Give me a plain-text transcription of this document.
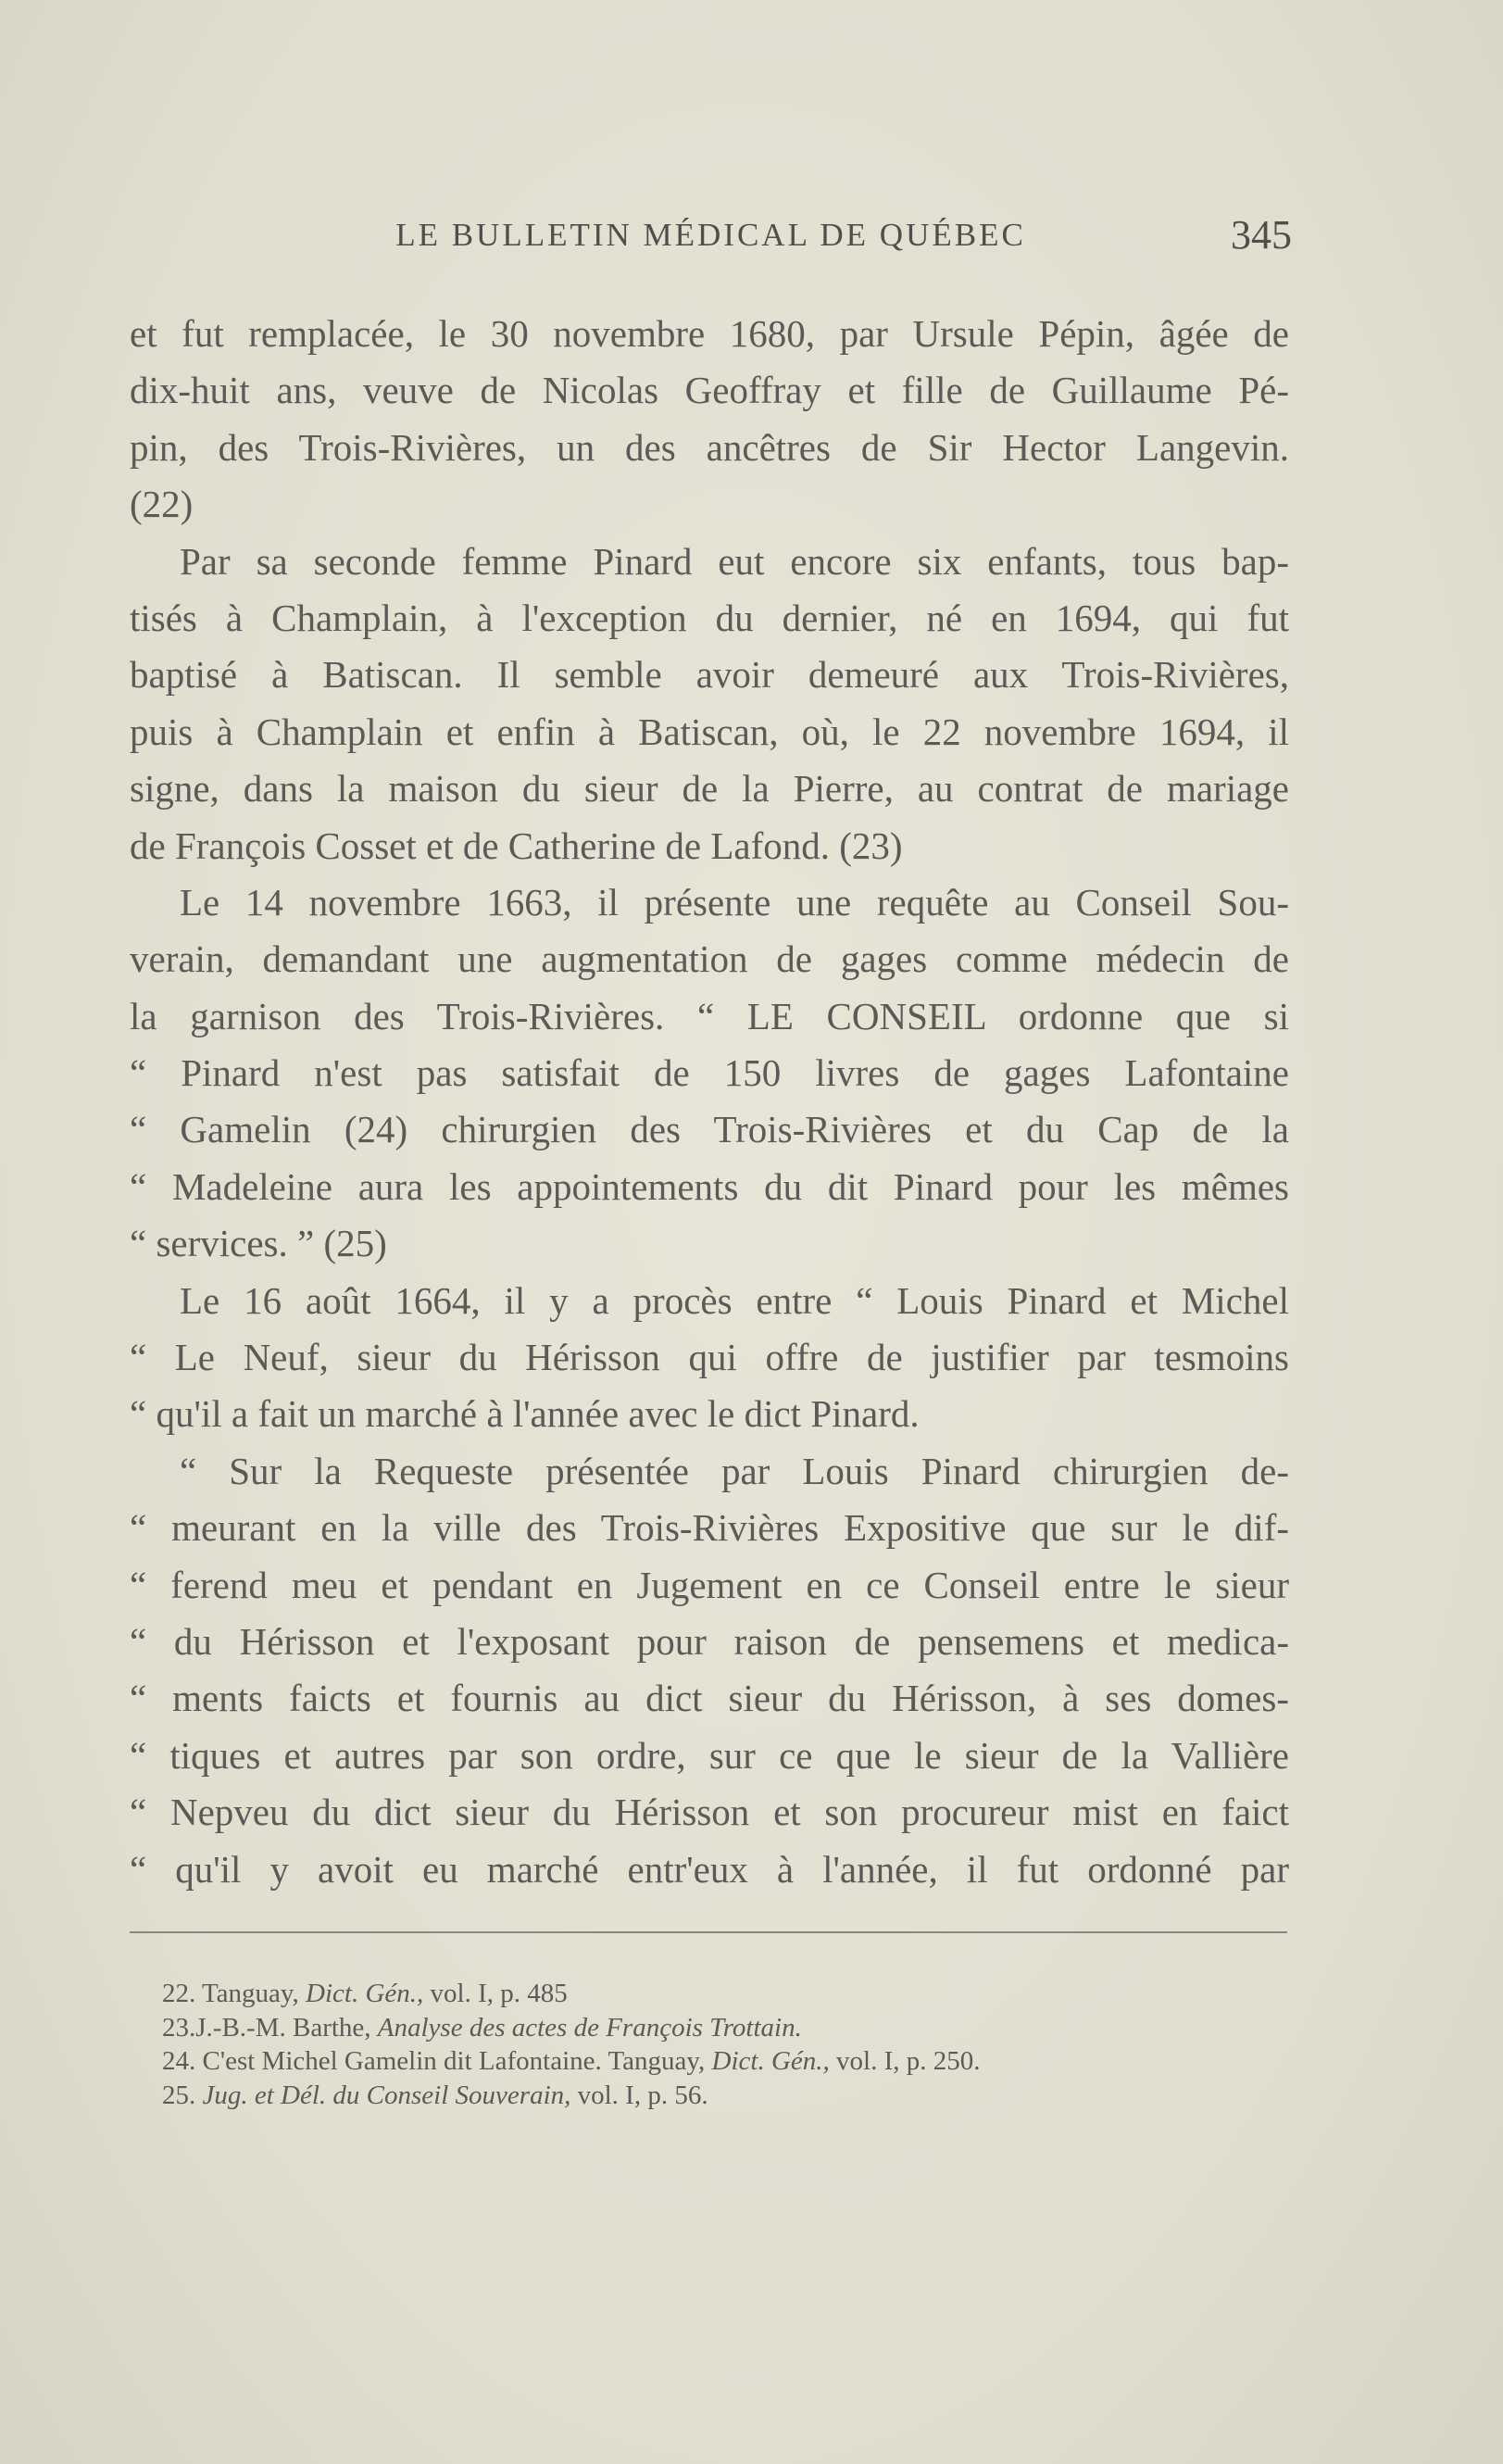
LE BULLETIN MÉDICAL DE QUÉBEC	345
et fut remplacée, le 30 novembre 1680, par Ursule Pépin, âgée de
dix-huit ans, veuve de Nicolas Geoffray et fille de Guillaume Pé-
pin, des Trois-Rivières, un des ancêtres de Sir Hector Langevin.
(22)
Par sa seconde femme Pinard eut encore six enfants, tous bap-
tisés à Champlain, à l'exception du dernier, né en 1694, qui fut
baptisé à Batiscan. Il semble avoir demeuré aux Trois-Rivières,
puis à Champlain et enfin à Batiscan, où, le 22 novembre 1694, il
signe, dans la maison du sieur de la Pierre, au contrat de mariage
de François Cosset et de Catherine de Lafond. (23)
Le 14 novembre 1663, il présente une requête au Conseil Sou-
verain, demandant une augmentation de gages comme médecin de
la garnison des Trois-Rivières. “ LE CONSEIL ordonne que si
“ Pinard n'est pas satisfait de 150 livres de gages Lafontaine
“ Gamelin (24) chirurgien des Trois-Rivières et du Cap de la
“ Madeleine aura les appointements du dit Pinard pour les mêmes
“ services. ” (25)
Le 16 août 1664, il y a procès entre “ Louis Pinard et Michel
“ Le Neuf, sieur du Hérisson qui offre de justifier par tesmoins
“ qu'il a fait un marché à l'année avec le dict Pinard.
“ Sur la Requeste présentée par Louis Pinard chirurgien de-
“ meurant en la ville des Trois-Rivières Expositive que sur le dif-
“ ferend meu et pendant en Jugement en ce Conseil entre le sieur
“ du Hérisson et l'exposant pour raison de pensemens et medica-
“ ments faicts et fournis au dict sieur du Hérisson, à ses domes-
“ tiques et autres par son ordre, sur ce que le sieur de la Vallière
“ Nepveu du dict sieur du Hérisson et son procureur mist en faict
“ qu'il y avoit eu marché entr'eux à l'année, il fut ordonné par
22. Tanguay, Dict. Gén., vol. I, p. 485
23.J.-B.-M. Barthe, Analyse des actes de François Trottain.
24. C'est Michel Gamelin dit Lafontaine. Tanguay, Dict. Gén., vol. I, p. 250.
25. Jug. et Dél. du Conseil Souverain, vol. I, p. 56.
